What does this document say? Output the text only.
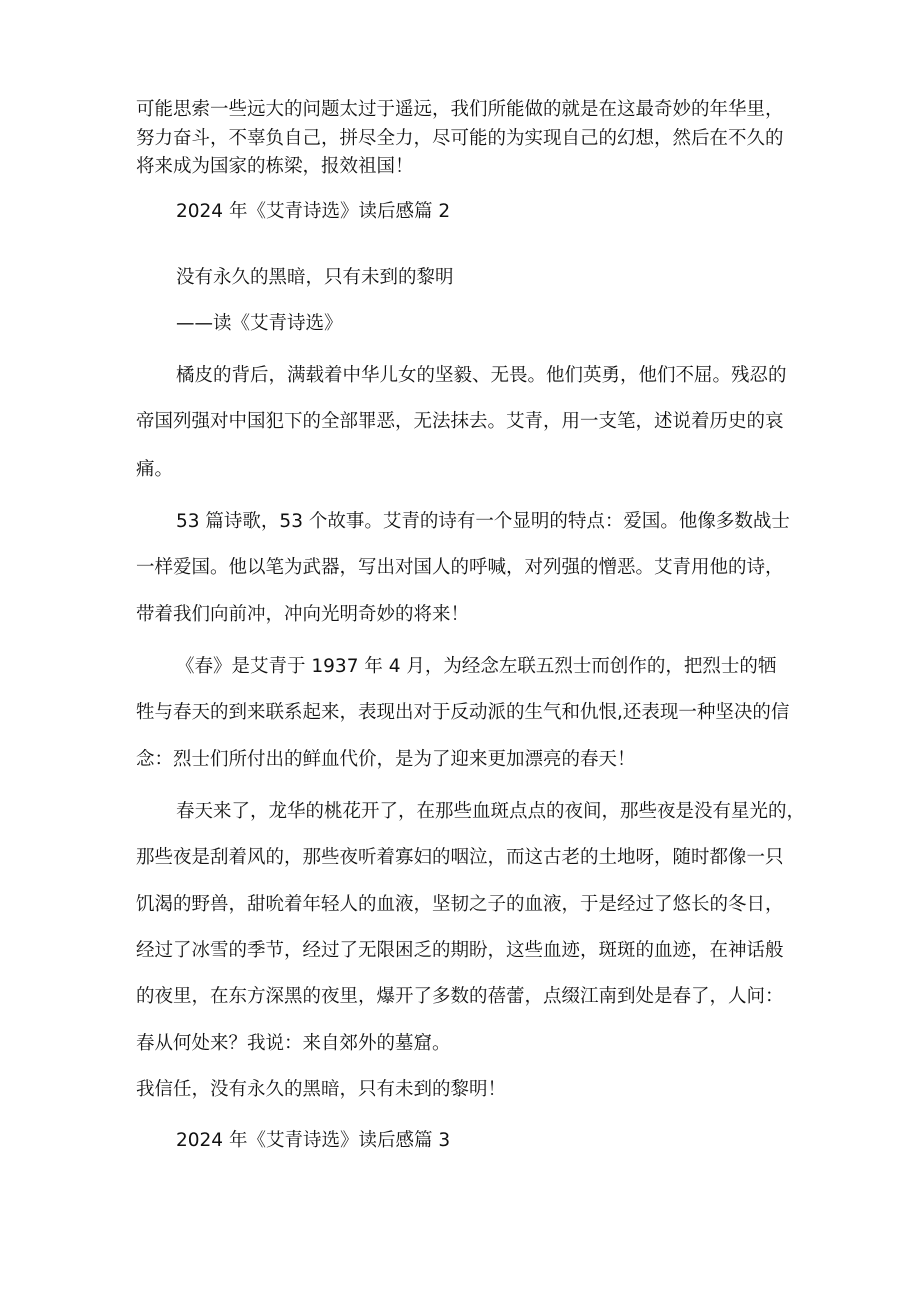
可能思索一些远大的问题太过于遥远，我们所能做的就是在这最奇妙的年华里，
努力奋斗，不辜负自己，拼尽全力，尽可能的为实现自己的幻想，然后在不久的
将来成为国家的栋梁，报效祖国！
2024 年《艾青诗选》读后感篇 2
没有永久的黑暗，只有未到的黎明
——读《艾青诗选》
橘皮的背后，满载着中华儿女的坚毅、无畏。他们英勇，他们不屈。残忍的
帝国列强对中国犯下的全部罪恶，无法抹去。艾青，用一支笔，述说着历史的哀
痛。
53 篇诗歌，53 个故事。艾青的诗有一个显明的特点：爱国。他像多数战士
一样爱国。他以笔为武器，写出对国人的呼喊，对列强的憎恶。艾青用他的诗，
带着我们向前冲，冲向光明奇妙的将来！
《春》是艾青于 1937 年 4 月，为经念左联五烈士而创作的，把烈士的牺
牲与春天的到来联系起来，表现出对于反动派的生气和仇恨,还表现一种坚决的信
念：烈士们所付出的鲜血代价，是为了迎来更加漂亮的春天！
春天来了，龙华的桃花开了，在那些血斑点点的夜间，那些夜是没有星光的，
那些夜是刮着风的，那些夜听着寡妇的咽泣，而这古老的土地呀，随时都像一只
饥渴的野兽，甜吮着年轻人的血液，坚韧之子的血液，于是经过了悠长的冬日，
经过了冰雪的季节，经过了无限困乏的期盼，这些血迹，斑斑的血迹，在神话般
的夜里，在东方深黑的夜里，爆开了多数的蓓蕾，点缀江南到处是春了，人问：
春从何处来？我说：来自郊外的墓窟。
我信任，没有永久的黑暗，只有未到的黎明！
2024 年《艾青诗选》读后感篇 3
